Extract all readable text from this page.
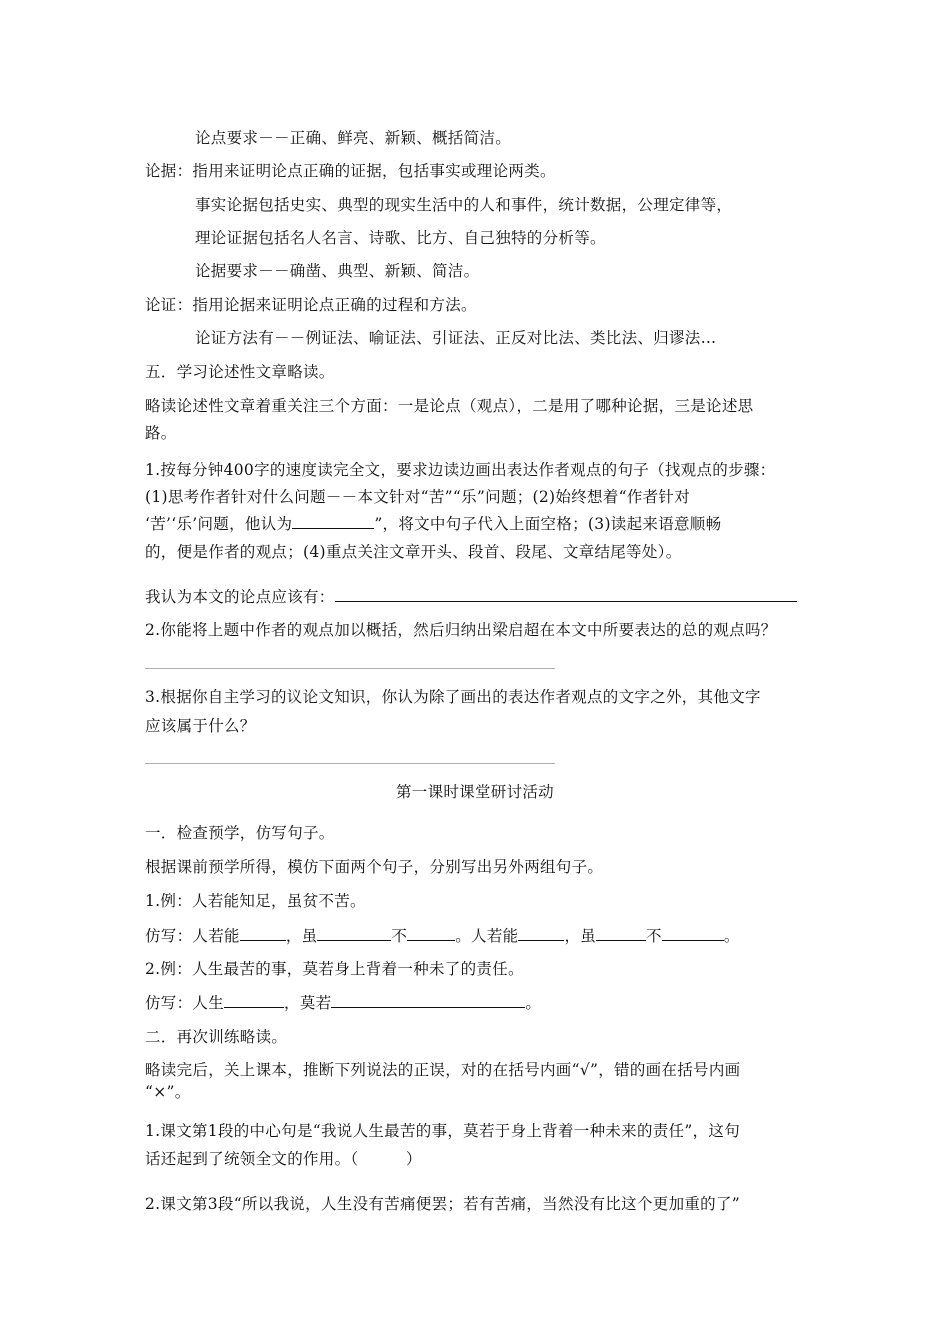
论点要求－－正确、鲜亮、新颖、概括简洁。
论据：指用来证明论点正确的证据，包括事实或理论两类。
事实论据包括史实、典型的现实生活中的人和事件，统计数据，公理定律等，
理论证据包括名人名言、诗歌、比方、自己独特的分析等。
论据要求－－确凿、典型、新颖、简洁。
论证：指用论据来证明论点正确的过程和方法。
论证方法有－－例证法、喻证法、引证法、正反对比法、类比法、归谬法…
五．学习论述性文章略读。
略读论述性文章着重关注三个方面：一是论点（观点），二是用了哪种论据，三是论述思
路。
1.按每分钟400字的速度读完全文，要求边读边画出表达作者观点的句子（找观点的步骤：
(1)思考作者针对什么问题－－本文针对“苦”“乐”问题；(2)始终想着“作者针对
‘苦’‘乐’问题，他认为	”，将文中句子代入上面空格；(3)读起来语意顺畅
的，便是作者的观点；(4)重点关注文章开头、段首、段尾、文章结尾等处）。
我认为本文的论点应该有：
2.你能将上题中作者的观点加以概括，然后归纳出梁启超在本文中所要表达的总的观点吗？
3.根据你自主学习的议论文知识，你认为除了画出的表达作者观点的文字之外，其他文字
应该属于什么？
第一课时课堂研讨活动
一．检查预学，仿写句子。
根据课前预学所得，模仿下面两个句子，分别写出另外两组句子。
1.例：人若能知足，虽贫不苦。
仿写：人若能	，虽	不	。人若能	，虽	不	。
2.例：人生最苦的事，莫若身上背着一种未了的责任。
仿写：人生	，莫若	。
二．再次训练略读。
略读完后，关上课本，推断下列说法的正误，对的在括号内画“√”，错的画在括号内画
“×”。
1.课文第1段的中心句是“我说人生最苦的事，莫若于身上背着一种未来的责任”，这句
话还起到了统领全文的作用。（　　　）
2.课文第3段“所以我说，人生没有苦痛便罢；若有苦痛，当然没有比这个更加重的了”
